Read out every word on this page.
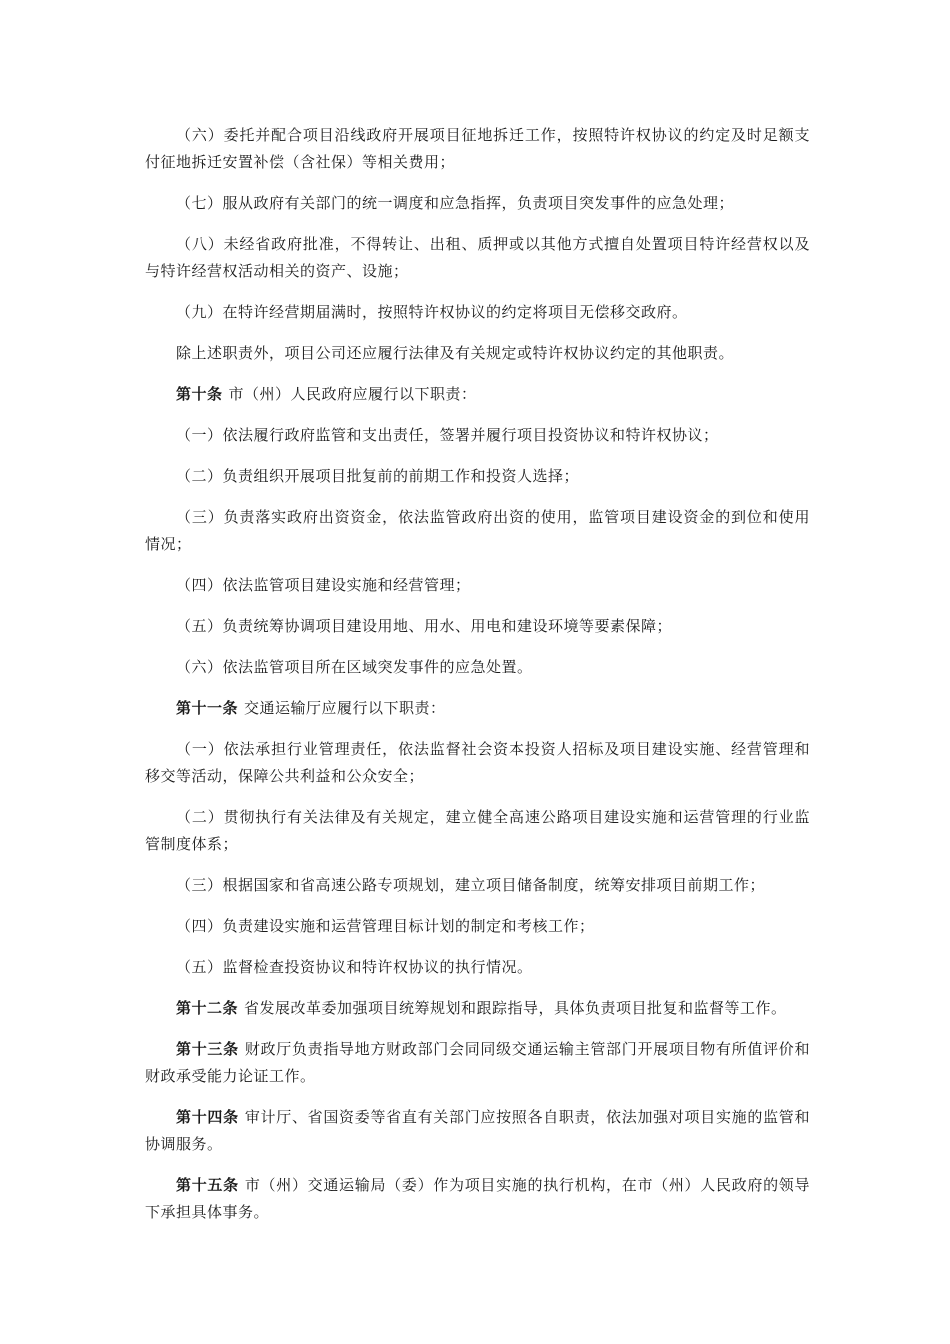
（六）委托并配合项目沿线政府开展项目征地拆迁工作，按照特许权协议的约定及时足额支付征地拆迁安置补偿（含社保）等相关费用；

（七）服从政府有关部门的统一调度和应急指挥，负责项目突发事件的应急处理；

（八）未经省政府批准，不得转让、出租、质押或以其他方式擅自处置项目特许经营权以及与特许经营权活动相关的资产、设施；

（九）在特许经营期届满时，按照特许权协议的约定将项目无偿移交政府。

除上述职责外，项目公司还应履行法律及有关规定或特许权协议约定的其他职责。

第十条 市（州）人民政府应履行以下职责：

（一）依法履行政府监管和支出责任，签署并履行项目投资协议和特许权协议；

（二）负责组织开展项目批复前的前期工作和投资人选择；

（三）负责落实政府出资资金，依法监管政府出资的使用，监管项目建设资金的到位和使用情况；

（四）依法监管项目建设实施和经营管理；

（五）负责统筹协调项目建设用地、用水、用电和建设环境等要素保障；

（六）依法监管项目所在区域突发事件的应急处置。

第十一条 交通运输厅应履行以下职责：

（一）依法承担行业管理责任，依法监督社会资本投资人招标及项目建设实施、经营管理和移交等活动，保障公共利益和公众安全；

（二）贯彻执行有关法律及有关规定，建立健全高速公路项目建设实施和运营管理的行业监管制度体系；

（三）根据国家和省高速公路专项规划，建立项目储备制度，统筹安排项目前期工作；

（四）负责建设实施和运营管理目标计划的制定和考核工作；

（五）监督检查投资协议和特许权协议的执行情况。

第十二条 省发展改革委加强项目统筹规划和跟踪指导，具体负责项目批复和监督等工作。

第十三条 财政厅负责指导地方财政部门会同同级交通运输主管部门开展项目物有所值评价和财政承受能力论证工作。

第十四条 审计厅、省国资委等省直有关部门应按照各自职责，依法加强对项目实施的监管和协调服务。

第十五条 市（州）交通运输局（委）作为项目实施的执行机构，在市（州）人民政府的领导下承担具体事务。
